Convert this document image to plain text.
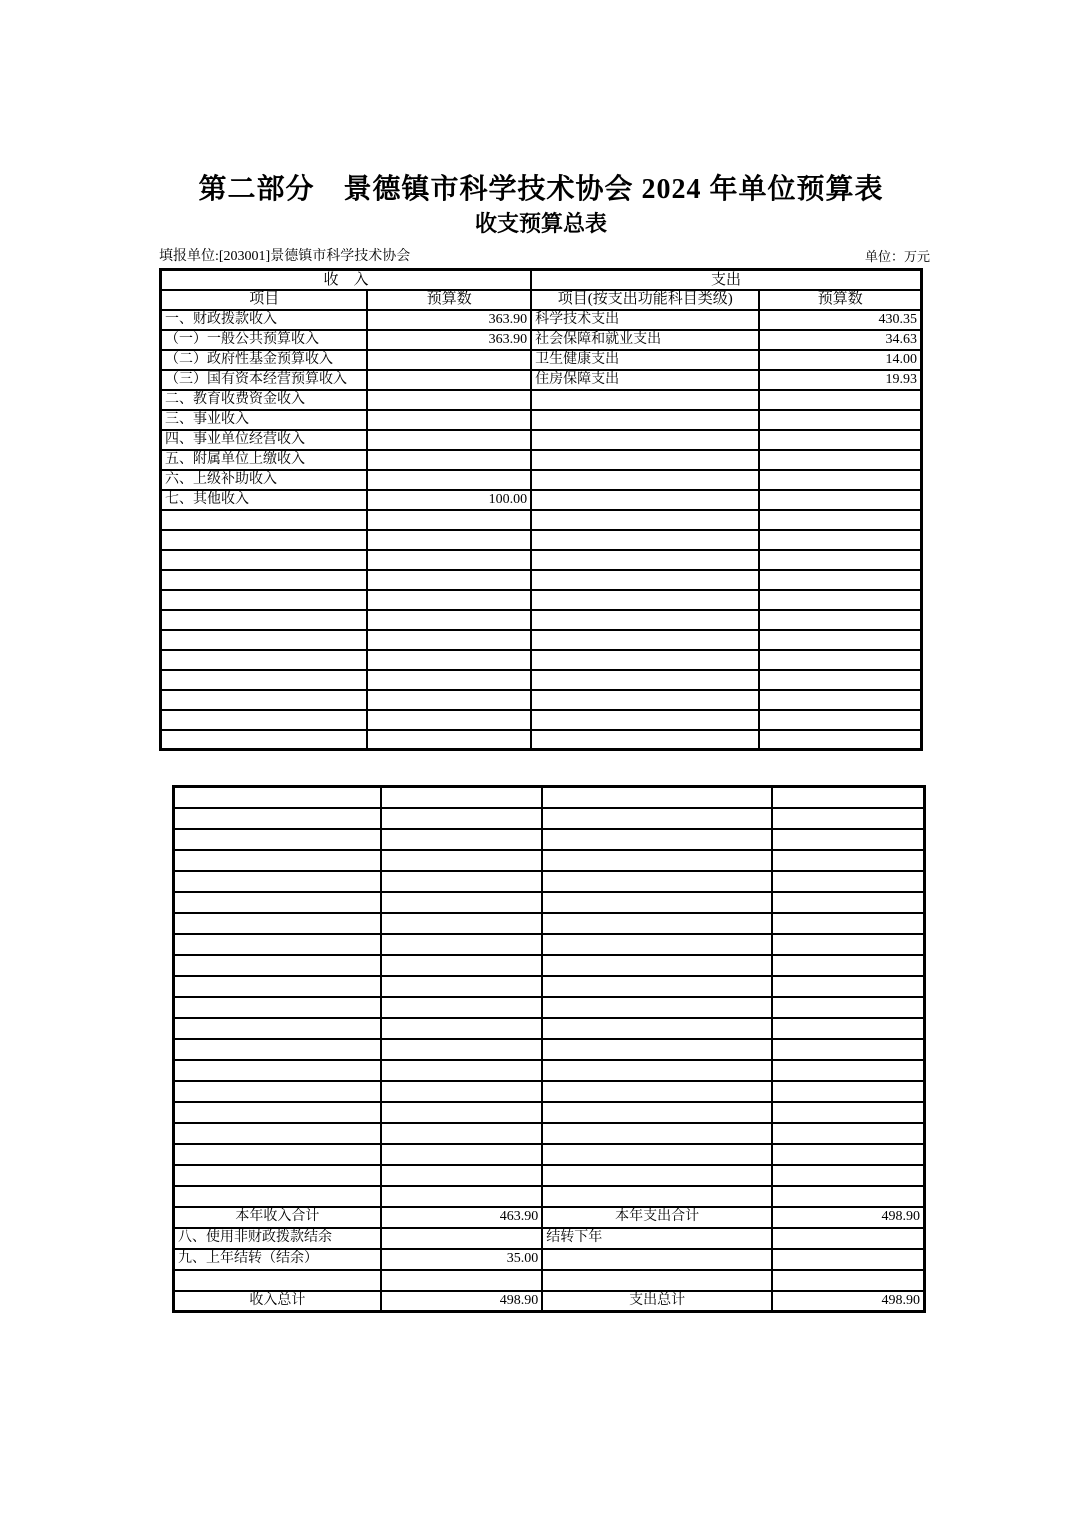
第二部分　景德镇市科学技术协会 2024 年单位预算表
收支预算总表
填报单位:[203001]景德镇市科学技术协会	单位：万元
收　入		支出	
项目	预算数	项目(按支出功能科目类级)	预算数
一、财政拨款收入	363.90	科学技术支出	430.35
（一）一般公共预算收入	363.90	社会保障和就业支出	34.63
（二）政府性基金预算收入		卫生健康支出	14.00
（三）国有资本经营预算收入		住房保障支出	19.93
二、教育收费资金收入			
三、事业收入			
四、事业单位经营收入			
五、附属单位上缴收入			
六、上级补助收入			
七、其他收入	100.00		

本年收入合计	463.90	本年支出合计	498.90
八、使用非财政拨款结余		结转下年	
九、上年结转（结余）	35.00		

收入总计	498.90	支出总计	498.90
